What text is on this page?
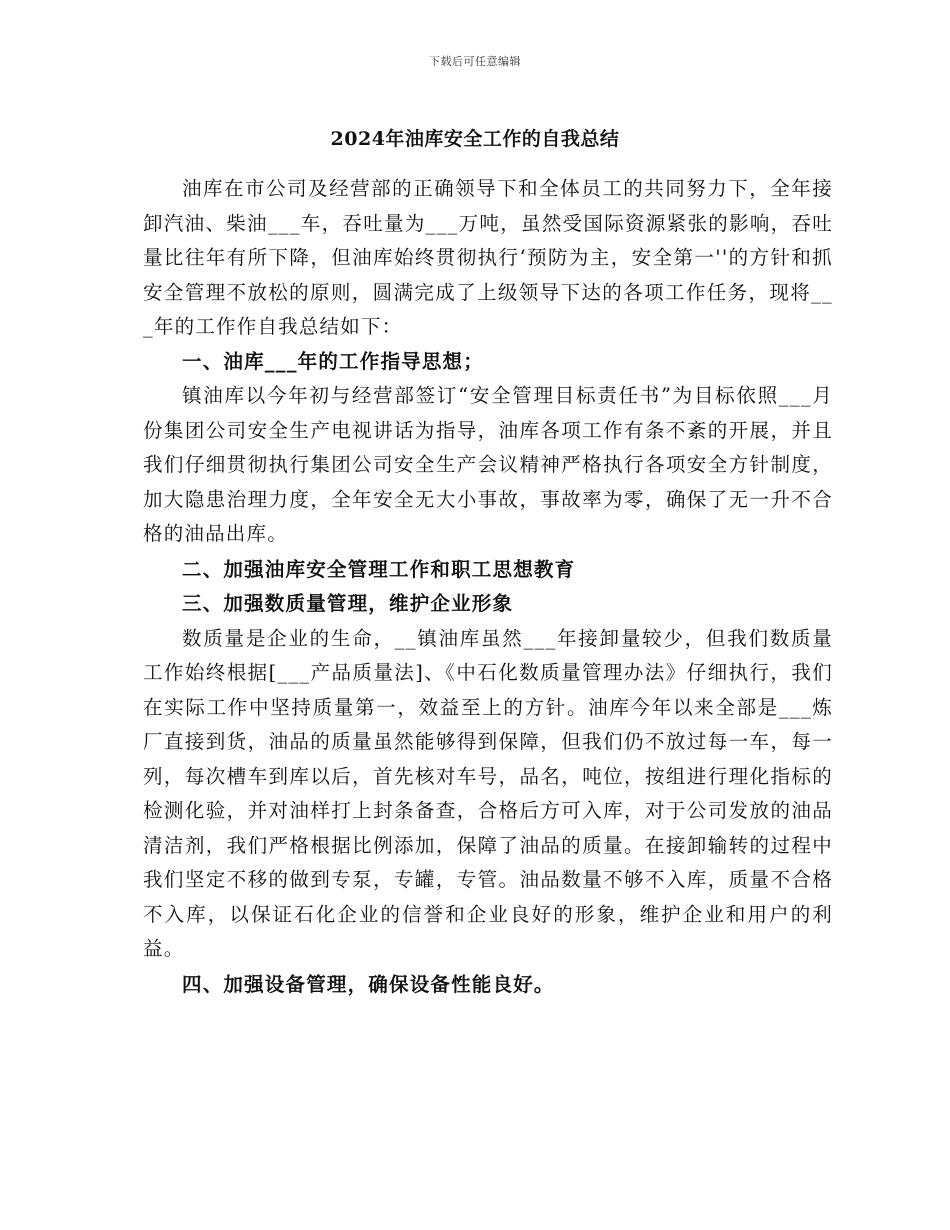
下载后可任意编辑
2024年油库安全工作的自我总结

油库在市公司及经营部的正确领导下和全体员工的共同努力下，全年接卸汽油、柴油___车，吞吐量为___万吨，虽然受国际资源紧张的影响，吞吐量比往年有所下降，但油库始终贯彻执行‘预防为主，安全第一''的方针和抓安全管理不放松的原则，圆满完成了上级领导下达的各项工作任务，现将___年的工作作自我总结如下：

一、油库___年的工作指导思想；

镇油库以今年初与经营部签订“安全管理目标责任书”为目标依照___月份集团公司安全生产电视讲话为指导，油库各项工作有条不紊的开展，并且我们仔细贯彻执行集团公司安全生产会议精神严格执行各项安全方针制度，加大隐患治理力度，全年安全无大小事故，事故率为零，确保了无一升不合格的油品出库。

二、加强油库安全管理工作和职工思想教育

三、加强数质量管理，维护企业形象

数质量是企业的生命，__镇油库虽然___年接卸量较少，但我们数质量工作始终根据[___产品质量法]、《中石化数质量管理办法》仔细执行，我们在实际工作中坚持质量第一，效益至上的方针。油库今年以来全部是___炼厂直接到货，油品的质量虽然能够得到保障，但我们仍不放过每一车，每一列，每次槽车到库以后，首先核对车号，品名，吨位，按组进行理化指标的检测化验，并对油样打上封条备查，合格后方可入库，对于公司发放的油品清洁剂，我们严格根据比例添加，保障了油品的质量。在接卸输转的过程中我们坚定不移的做到专泵，专罐，专管。油品数量不够不入库，质量不合格不入库，以保证石化企业的信誉和企业良好的形象，维护企业和用户的利益。

四、加强设备管理，确保设备性能良好。
